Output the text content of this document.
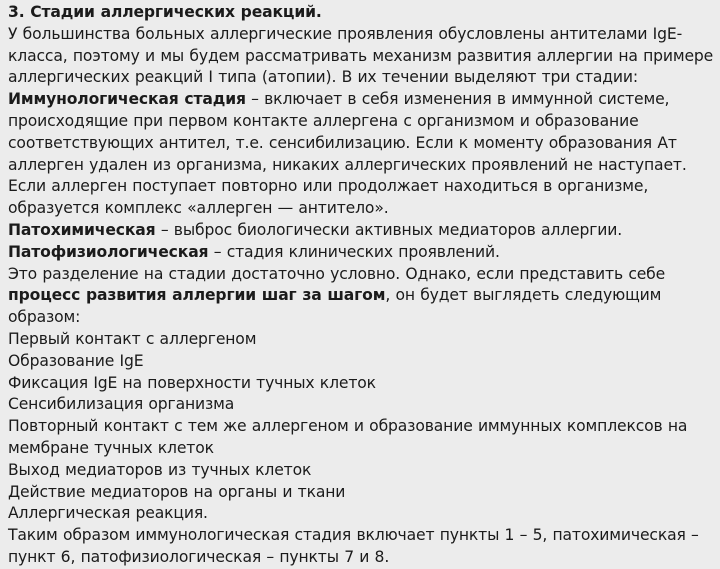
3. Стадии аллергических реакций.

У большинства больных аллергические проявления обусловлены антителами IgE-класса, поэтому и мы будем рассматривать механизм развития аллергии на примере аллергических реакций I типа (атопии). В их течении выделяют три стадии:

Иммунологическая стадия – включает в себя изменения в иммунной системе, происходящие при первом контакте аллергена с организмом и образование соответствующих антител, т.е. сенсибилизацию. Если к моменту образования Ат аллерген удален из организма, никаких аллергических проявлений не наступает. Если аллерген поступает повторно или продолжает находиться в организме, образуется комплекс «аллерген — антитело».

Патохимическая – выброс биологически активных медиаторов аллергии.

Патофизиологическая – стадия клинических проявлений.

Это разделение на стадии достаточно условно. Однако, если представить себе процесс развития аллергии шаг за шагом, он будет выглядеть следующим образом:

Первый контакт с аллергеном

Образование IgE

Фиксация IgE на поверхности тучных клеток

Сенсибилизация организма

Повторный контакт с тем же аллергеном и образование иммунных комплексов на мембране тучных клеток

Выход медиаторов из тучных клеток

Действие медиаторов на органы и ткани

Аллергическая реакция.

Таким образом иммунологическая стадия включает пункты 1 – 5, патохимическая – пункт 6, патофизиологическая – пункты 7 и 8.
